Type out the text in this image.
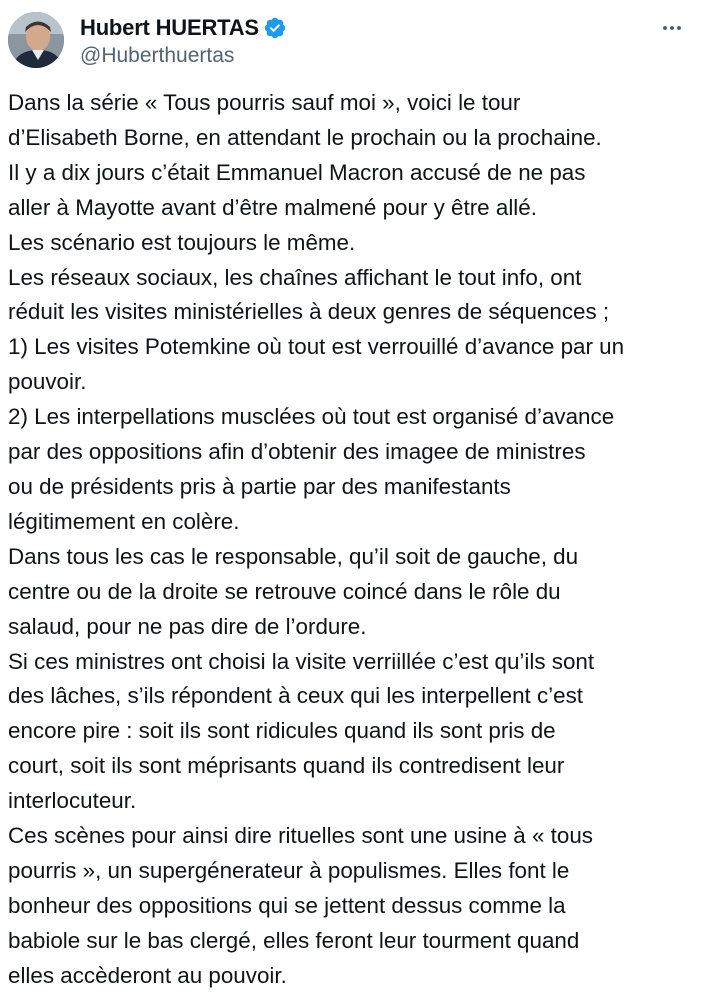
Hubert HUERTAS
@Huberthuertas
Dans la série « Tous pourris sauf moi », voici le tour
d’Elisabeth Borne, en attendant le prochain ou la prochaine.
Il y a dix jours c’était Emmanuel Macron accusé de ne pas
aller à Mayotte avant d’être malmené pour y être allé.
Les scénario est toujours le même.
Les réseaux sociaux, les chaînes affichant le tout info, ont
réduit les visites ministérielles à deux genres de séquences ;
1) Les visites Potemkine où tout est verrouillé d’avance par un
pouvoir.
2) Les interpellations musclées où tout est organisé d’avance
par des oppositions afin d’obtenir des imagee de ministres
ou de présidents pris à partie par des manifestants
légitimement en colère.
Dans tous les cas le responsable, qu’il soit de gauche, du
centre ou de la droite se retrouve coincé dans le rôle du
salaud, pour ne pas dire de l’ordure.
Si ces ministres ont choisi la visite verriillée c’est qu’ils sont
des lâches, s’ils répondent à ceux qui les interpellent c’est
encore pire : soit ils sont ridicules quand ils sont pris de
court, soit ils sont méprisants quand ils contredisent leur
interlocuteur.
Ces scènes pour ainsi dire rituelles sont une usine à « tous
pourris », un supergénerateur à populismes. Elles font le
bonheur des oppositions qui se jettent dessus comme la
babiole sur le bas clergé, elles feront leur tourment quand
elles accèderont au pouvoir.
